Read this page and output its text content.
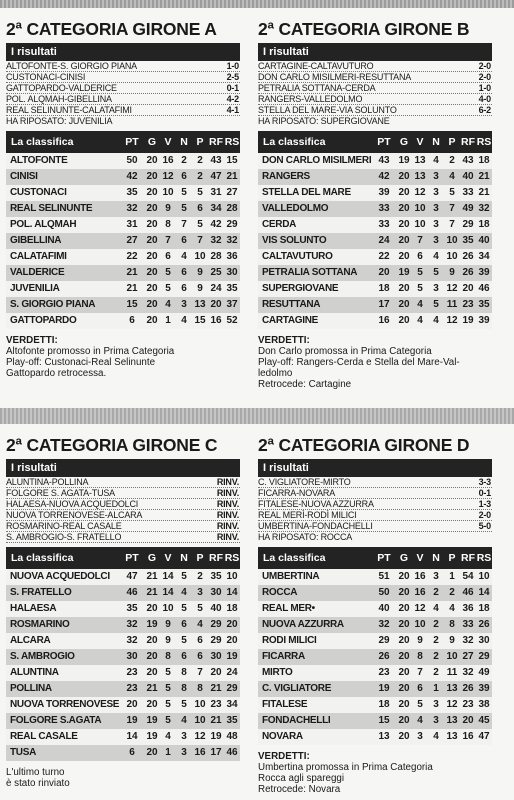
2ª CATEGORIA GIRONE A
I risultati
ALTOFONTE-S. GIORGIO PIANA	1-0
CUSTONACI-CINISI	2-5
GATTOPARDO-VALDERICE	0-1
POL. ALQMAH-GIBELLINA	4-2
REAL SELINUNTE-CALATAFIMI	4-1
HA RIPOSATO: JUVENILIA
La classifica	PT G V N P RF RS
ALTOFONTE	50 20 16 2	2 43 15
CINISI	42 20 12 6	2 47 21
CUSTONACI	35 20 10 5	5 31 27
REAL SELINUNTE	32 20 9	5	6 34 28
POL. ALQMAH	31 20 8	7	5 42 29
GIBELLINA	27 20 7	6	7 32 32
CALATAFIMI	22 20 6	4 10 28 36
VALDERICE	21 20 5	6	9 25 30
JUVENILIA	21 20 5	6	9 24 35
S. GIORGIO PIANA	15 20 4	3 13 20 37
GATTOPARDO	6	20 1	4 15 16 52
VERDETTI:
Altofonte promosso in Prima Categoria
Play-off: Custonaci-Real Selinunte
Gattopardo retrocessa.
2ª CATEGORIA GIRONE B
I risultati
CARTAGINE-CALTAVUTURO	2-0
DON CARLO MISILMERI-RESUTTANA	2-0
PETRALIA SOTTANA-CERDA	1-0
RANGERS-VALLEDOLMO	4-0
STELLA DEL MARE-VIA SOLUNTO	6-2
HA RIPOSATO: SUPERGIOVANE
La classifica	PT G V N P RF RS
DON CARLO MISILMERI 43 19 13 4	2 43 18
RANGERS	42 20 13 3	4 40 21
STELLA DEL MARE	39 20 12 3	5 33 21
VALLEDOLMO	33 20 10 3	7 49 32
CERDA	33 20 10 3	7 29 18
VIS SOLUNTO	24 20 7	3 10 35 40
CALTAVUTURO	22 20 6	4 10 26 34
PETRALIA SOTTANA	20 19 5	5	9 26 39
SUPERGIOVANE	18 20 5	3 12 20 46
RESUTTANA	17 20 4	5 11 23 35
CARTAGINE	16 20 4	4 12 19 39
VERDETTI:
Don Carlo promossa in Prima Categoria
Play-off: Rangers-Cerda e Stella del Mare-Val-
ledolmo
Retrocede: Cartagine
2ª CATEGORIA GIRONE C
I risultati
ALUNTINA-POLLINA	RINV.
FOLGORE S. AGATA-TUSA	RINV.
HALAESA-NUOVA ACQUEDOLCI	RINV.
NUOVA TORRENOVESE-ALCARA	RINV.
ROSMARINO-REAL CASALE	RINV.
S. AMBROGIO-S. FRATELLO	RINV.
La classifica	PT G V N P RF RS
NUOVA ACQUEDOLCI	47 21 14 5	2 35 10
S. FRATELLO	46 21 14 4	3 30 14
HALAESA	35 20 10 5	5 40 18
ROSMARINO	32 19 9	6	4 29 20
ALCARA	32 20 9	5	6 29 20
S. AMBROGIO	30 20 8	6	6 30 19
ALUNTINA	23 20 5	8	7 20 24
POLLINA	23 21 5	8	8 21 29
NUOVA TORRENOVESE 20 20 5	5 10 23 34
FOLGORE S.AGATA	19 19 5	4 10 21 35
REAL CASALE	14 19 4	3 12 19 48
TUSA	6	20 1	3 16 17 46
L'ultimo turno
è stato rinviato
2ª CATEGORIA GIRONE D
I risultati
C. VIGLIATORE-MIRTO	3-3
FICARRA-NOVARA	0-1
FITALESE-NUOVA AZZURRA	1-3
REAL MERÌ-RODÌ MILICI	2-0
UMBERTINA-FONDACHELLI	5-0
HA RIPOSATO: ROCCA
La classifica	PT G V N P RF RS
UMBERTINA	51 20 16 3	1 54 10
ROCCA	50 20 16 2	2 46 14
REAL MER•	40 20 12 4	4 36 18
NUOVA AZZURRA	32 20 10 2	8 33 26
RODI MILICI	29 20 9	2	9 32 30
FICARRA	26 20 8	2 10 27 29
MIRTO	23 20 7	2 11 32 49
C. VIGLIATORE	19 20 6	1 13 26 39
FITALESE	18 20 5	3 12 23 38
FONDACHELLI	15 20 4	3 13 20 45
NOVARA	13 20 3	4 13 16 47
VERDETTI:
Umbertina promossa in Prima Categoria
Rocca agli spareggi
Retrocede: Novara
